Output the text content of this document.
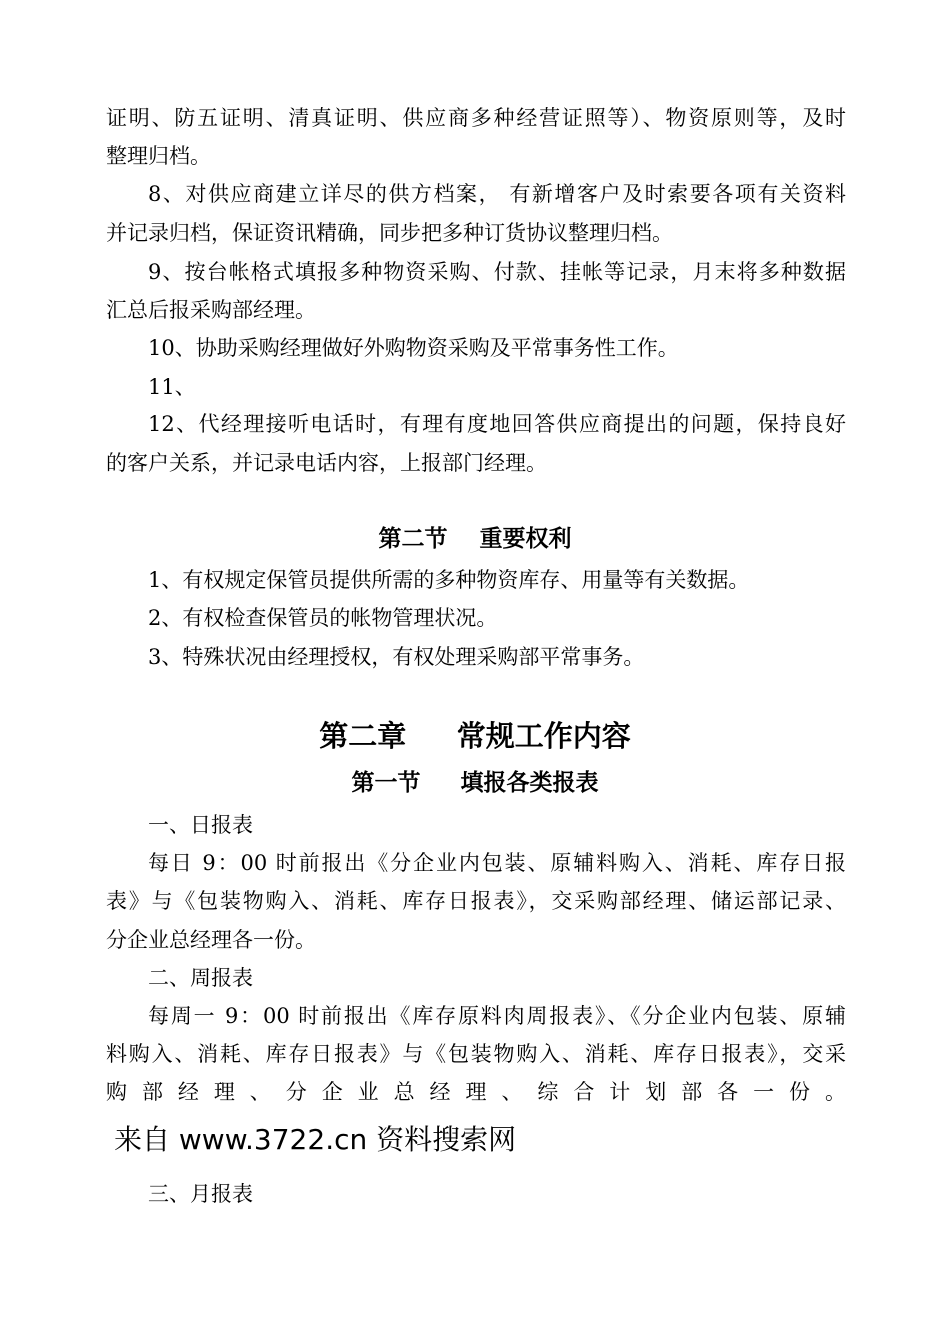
证明、防五证明、清真证明、供应商多种经营证照等）、物资原则等，及时
整理归档。
8、对供应商建立详尽的供方档案， 有新增客户及时索要各项有关资料
并记录归档，保证资讯精确，同步把多种订货协议整理归档。
9、按台帐格式填报多种物资采购、付款、挂帐等记录，月末将多种数据
汇总后报采购部经理。
10、协助采购经理做好外购物资采购及平常事务性工作。
11、
12、代经理接听电话时，有理有度地回答供应商提出的问题，保持良好
的客户关系，并记录电话内容，上报部门经理。
第二节    重要权利
1、有权规定保管员提供所需的多种物资库存、用量等有关数据。
2、有权检查保管员的帐物管理状况。
3、特殊状况由经理授权，有权处理采购部平常事务。
第二章     常规工作内容
第一节     填报各类报表
一、日报表
每日 9：00 时前报出《分企业内包装、原辅料购入、消耗、库存日报
表》与《包装物购入、消耗、库存日报表》，交采购部经理、储运部记录、
分企业总经理各一份。
二、周报表
每周一 9：00 时前报出《库存原料肉周报表》、《分企业内包装、原辅
料购入、消耗、库存日报表》与《包装物购入、消耗、库存日报表》，交采
购 部 经 理 、 分 企 业 总 经 理 、 综 合 计 划 部 各 一 份 。
来自 www.3722.cn 资料搜索网
三、月报表
